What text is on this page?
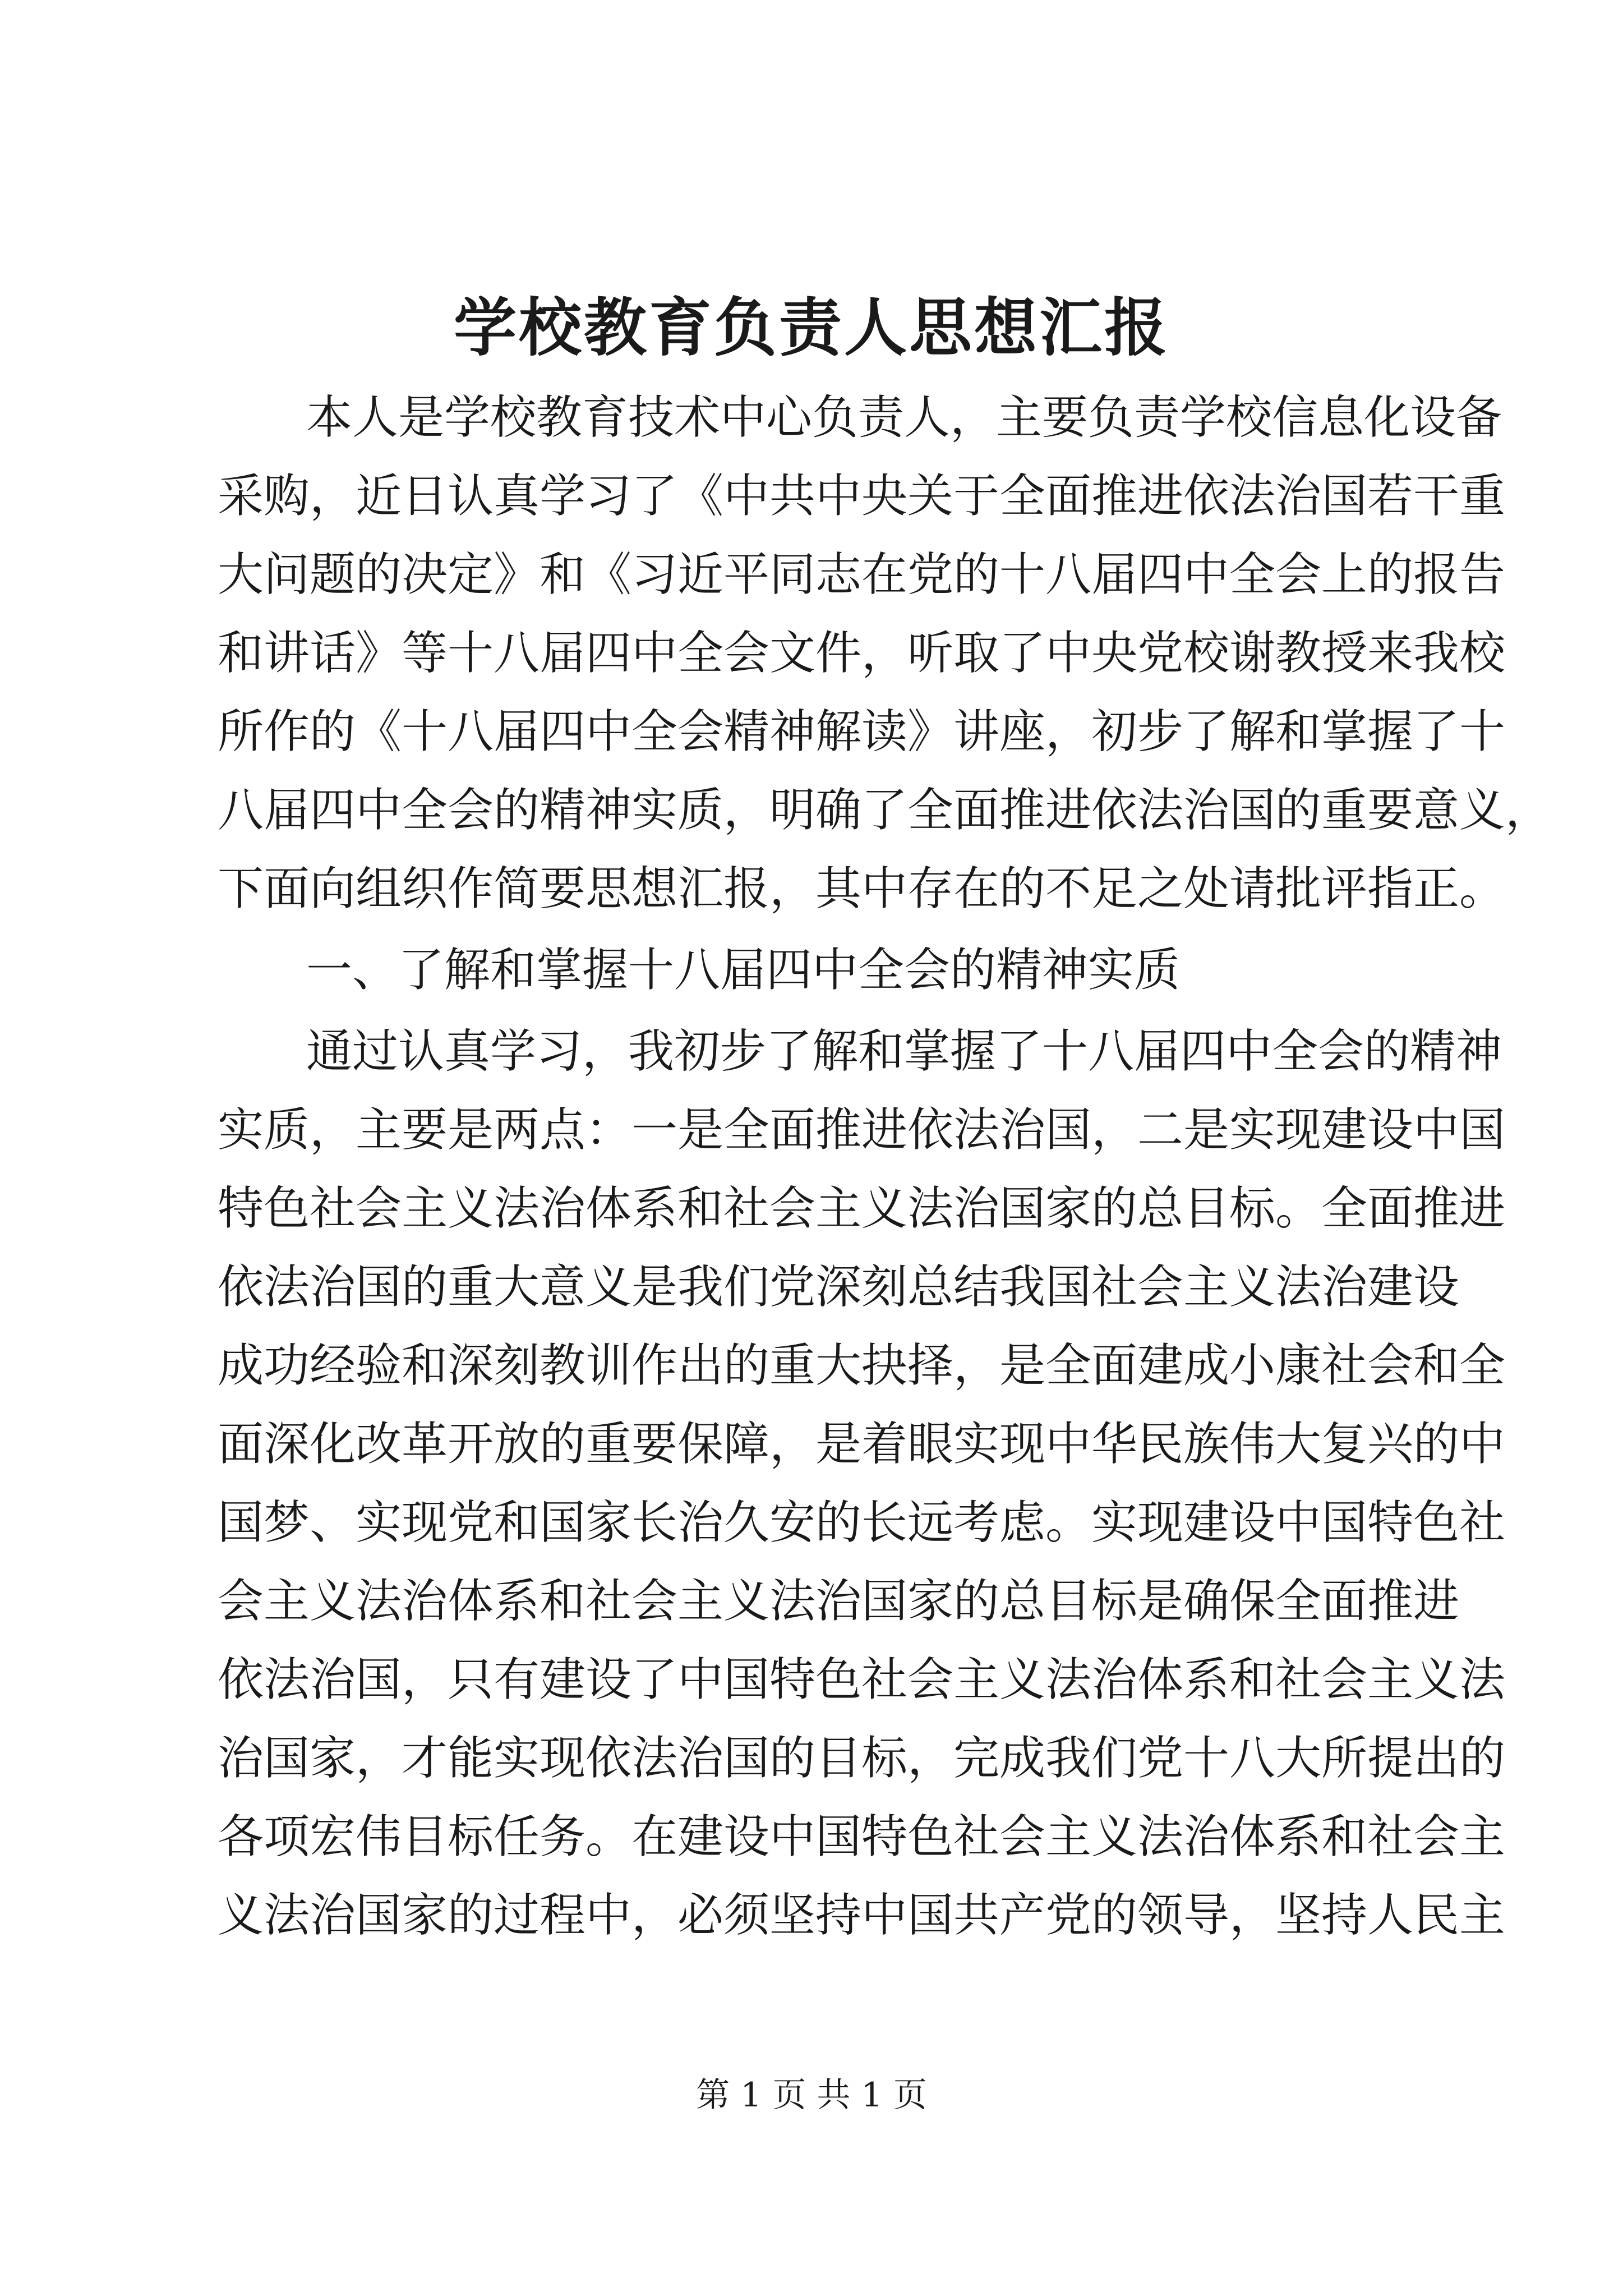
学校教育负责人思想汇报
本人是学校教育技术中心负责人，主要负责学校信息化设备
采购，近日认真学习了《中共中央关于全面推进依法治国若干重
大问题的决定》和《习近平同志在党的十八届四中全会上的报告
和讲话》等十八届四中全会文件，听取了中央党校谢教授来我校
所作的《十八届四中全会精神解读》讲座，初步了解和掌握了十
八届四中全会的精神实质，明确了全面推进依法治国的重要意义，
下面向组织作简要思想汇报，其中存在的不足之处请批评指正。
一、了解和掌握十八届四中全会的精神实质
通过认真学习，我初步了解和掌握了十八届四中全会的精神
实质，主要是两点：一是全面推进依法治国，二是实现建设中国
特色社会主义法治体系和社会主义法治国家的总目标。全面推进
依法治国的重大意义是我们党深刻总结我国社会主义法治建设
成功经验和深刻教训作出的重大抉择，是全面建成小康社会和全
面深化改革开放的重要保障，是着眼实现中华民族伟大复兴的中
国梦、实现党和国家长治久安的长远考虑。实现建设中国特色社
会主义法治体系和社会主义法治国家的总目标是确保全面推进
依法治国，只有建设了中国特色社会主义法治体系和社会主义法
治国家，才能实现依法治国的目标，完成我们党十八大所提出的
各项宏伟目标任务。在建设中国特色社会主义法治体系和社会主
义法治国家的过程中，必须坚持中国共产党的领导，坚持人民主
第 1 页 共 1 页
